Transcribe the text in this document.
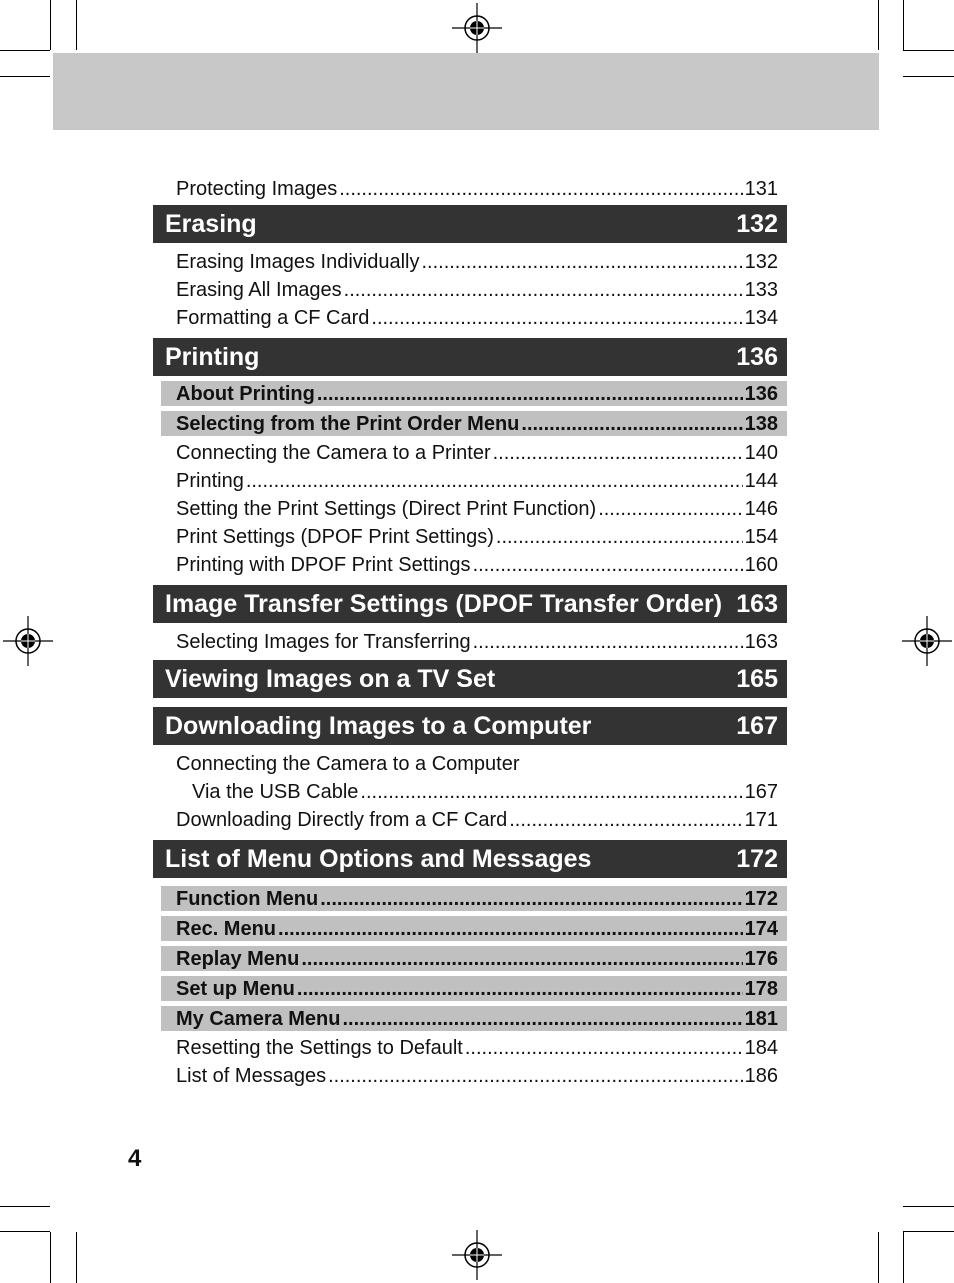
Protecting Images .....	131
Erasing	132
Erasing Images Individually .....	132
Erasing All Images .....	133
Formatting a CF Card .....	134
Printing	136
About Printing .....	136
Selecting from the Print Order Menu .....	138
Connecting the Camera to a Printer .....	140
Printing .....	144
Setting the Print Settings (Direct Print Function) .....	146
Print Settings (DPOF Print Settings) .....	154
Printing with DPOF Print Settings .....	160
Image Transfer Settings (DPOF Transfer Order) 163
Selecting Images for Transferring .....	163
Viewing Images on a TV Set	165
Downloading Images to a Computer	167
Connecting the Camera to a Computer
Via the USB Cable .....	167
Downloading Directly from a CF Card .....	171
List of Menu Options and Messages	172
Function Menu .....	172
Rec. Menu .....	174
Replay Menu .....	176
Set up Menu .....	178
My Camera Menu .....	181
Resetting the Settings to Default .....	184
List of Messages .....	186
4
